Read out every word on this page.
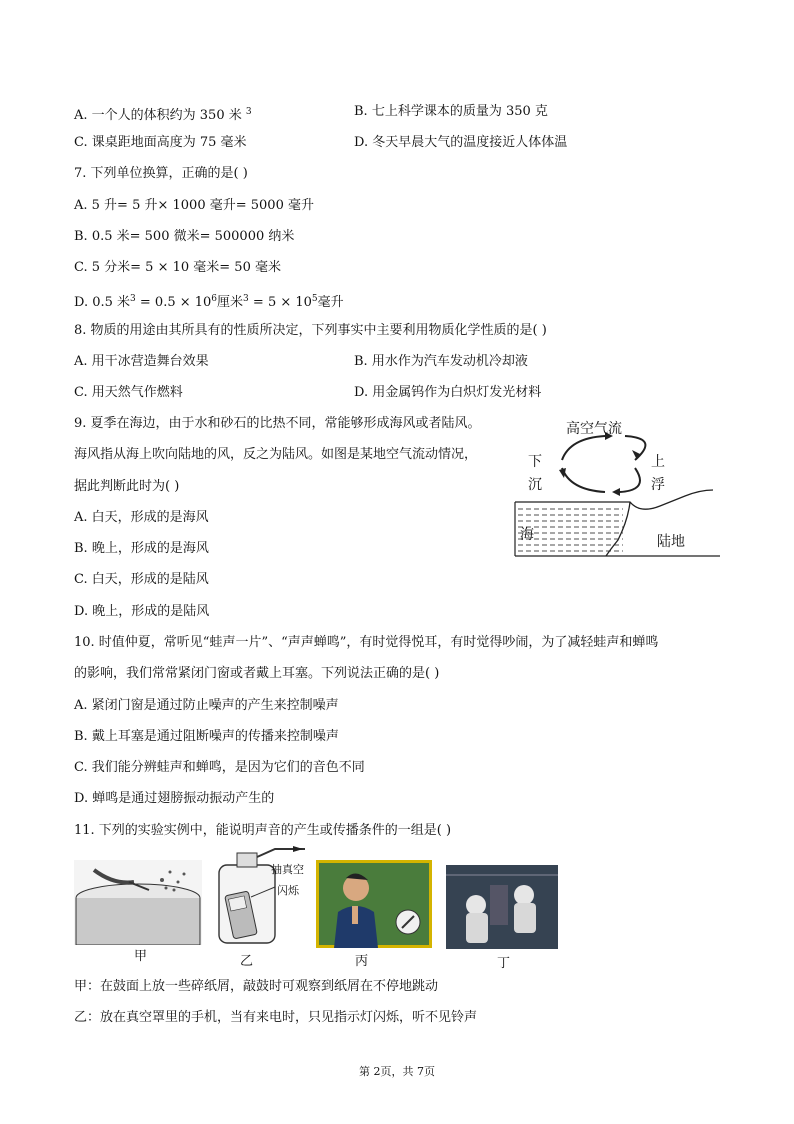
A. 一个人的体积约为 350 米 $^3$	B. 七上科学课本的质量为 350 克
C. 课桌距地面高度为 75 毫米	D. 冬天早晨大气的温度接近人体体温
7. 下列单位换算，正确的是( )
A. 5 升= 5 升× 1000 毫升= 5000 毫升
B. 0.5 米= 500 微米= 500000 纳米
C. 5 分米= 5 × 10 毫米= 50 毫米
D. 0.5 米$^3 = 0.5 \times 10^6$厘米$^3 = 5 \times 10^5$毫升
8. 物质的用途由其所具有的性质所决定，下列事实中主要利用物质化学性质的是( )
A. 用干冰营造舞台效果	B. 用水作为汽车发动机冷却液
C. 用天然气作燃料	D. 用金属钨作为白炽灯发光材料
9. 夏季在海边，由于水和砂石的比热不同，常能够形成海风或者陆风。
海风指从海上吹向陆地的风，反之为陆风。如图是某地空气流动情况，
据此判断此时为( )
A. 白天，形成的是海风
B. 晚上，形成的是海风
C. 白天，形成的是陆风
D. 晚上，形成的是陆风
高空气流
下
沉
上
浮
海	陆地
10. 时值仲夏，常听见“蛙声一片”、“声声蝉鸣”，有时觉得悦耳，有时觉得吵闹，为了减轻蛙声和蝉鸣
的影响，我们常常紧闭门窗或者戴上耳塞。下列说法正确的是( )
A. 紧闭门窗是通过防止噪声的产生来控制噪声
B. 戴上耳塞是通过阻断噪声的传播来控制噪声
C. 我们能分辨蛙声和蝉鸣，是因为它们的音色不同
D. 蝉鸣是通过翅膀振动振动产生的
11. 下列的实验实例中，能说明声音的产生或传播条件的一组是( )
甲
抽真空
闪烁
乙	丙	丁
甲：在鼓面上放一些碎纸屑，敲鼓时可观察到纸屑在不停地跳动
乙：放在真空罩里的手机，当有来电时，只见指示灯闪烁，听不见铃声
第 2页，共 7页
